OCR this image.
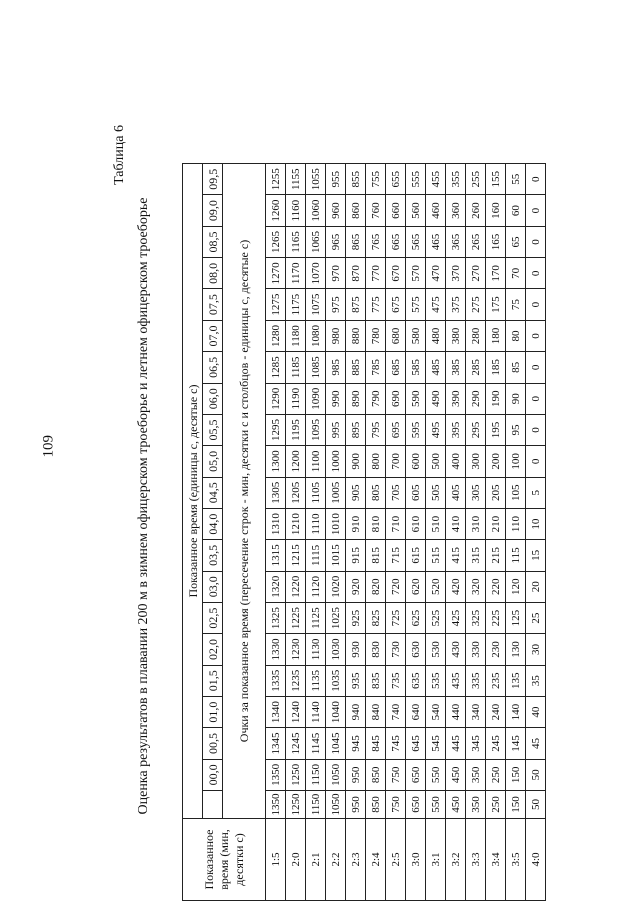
109
Таблица 6
Оценка результатов в плавании 200 м в зимнем офицерском троеборье и летнем офицерском троеборье
Показанное время (мин, десятки с)	Показанное время (единицы с, десятые с)																				
		00,0	00,5	01,0	01,5	02,0	02,5	03,0	03,5	04,0	04,5	05,0	05,5	06,0	06,5	07,0	07,5	08,0	08,5	09,0	09,5
	Очки за показанное время (пересечение строк - мин, десятки с и столбцов - единицы с, десятые с)																				
1:5	1350	1350	1345	1340	1335	1330	1325	1320	1315	1310	1305	1300	1295	1290	1285	1280	1275	1270	1265	1260	1255
2:0	1250	1250	1245	1240	1235	1230	1225	1220	1215	1210	1205	1200	1195	1190	1185	1180	1175	1170	1165	1160	1155
2:1	1150	1150	1145	1140	1135	1130	1125	1120	1115	1110	1105	1100	1095	1090	1085	1080	1075	1070	1065	1060	1055
2:2	1050	1050	1045	1040	1035	1030	1025	1020	1015	1010	1005	1000	995	990	985	980	975	970	965	960	955
2:3	950	950	945	940	935	930	925	920	915	910	905	900	895	890	885	880	875	870	865	860	855
2:4	850	850	845	840	835	830	825	820	815	810	805	800	795	790	785	780	775	770	765	760	755
2:5	750	750	745	740	735	730	725	720	715	710	705	700	695	690	685	680	675	670	665	660	655
3:0	650	650	645	640	635	630	625	620	615	610	605	600	595	590	585	580	575	570	565	560	555
3:1	550	550	545	540	535	530	525	520	515	510	505	500	495	490	485	480	475	470	465	460	455
3:2	450	450	445	440	435	430	425	420	415	410	405	400	395	390	385	380	375	370	365	360	355
3:3	350	350	345	340	335	330	325	320	315	310	305	300	295	290	285	280	275	270	265	260	255
3:4	250	250	245	240	235	230	225	220	215	210	205	200	195	190	185	180	175	170	165	160	155
3:5	150	150	145	140	135	130	125	120	115	110	105	100	95	90	85	80	75	70	65	60	55
4:0	50	50	45	40	35	30	25	20	15	10	5	0	0	0	0	0	0	0	0	0	0
